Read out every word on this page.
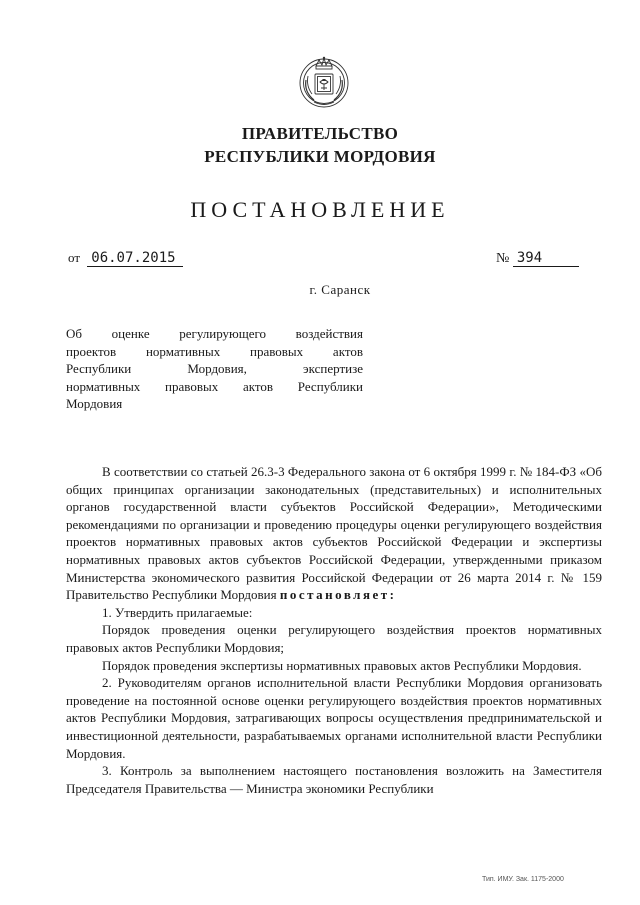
ПРАВИТЕЛЬСТВО
РЕСПУБЛИКИ МОРДОВИЯ
ПОСТАНОВЛЕНИЕ
от 06.07.2015	№ 394
г. Саранск
Об оценке регулирующего воздействия
проектов нормативных правовых актов
Республики Мордовия, экспертизе
нормативных правовых актов Республики
Мордовия

В соответствии со статьей 26.3-3 Федерального закона от 6 октября 1999 г. № 184-ФЗ «Об общих принципах организации законодательных (представительных) и исполнительных органов государственной власти субъектов Российской Федерации», Методическими рекомендациями по организации и проведению процедуры оценки регулирующего воздействия проектов нормативных правовых актов субъектов Российской Федерации и экспертизы нормативных правовых актов субъектов Российской Федерации, утвержденными приказом Министерства экономического развития Российской Федерации от 26 марта 2014 г. № 159 Правительство Республики Мордовия постановляет:

1. Утвердить прилагаемые:

Порядок проведения оценки регулирующего воздействия проектов нормативных правовых актов Республики Мордовия;

Порядок проведения экспертизы нормативных правовых актов Республики Мордовия.

2. Руководителям органов исполнительной власти Республики Мордовия организовать проведение на постоянной основе оценки регулирующего воздействия проектов нормативных актов Республики Мордовия, затрагивающих вопросы осуществления предпринимательской и инвестиционной деятельности, разрабатываемых органами исполнительной власти Республики Мордовия.

3. Контроль за выполнением настоящего постановления возложить на Заместителя Председателя Правительства — Министра экономики Республики

Тип. ИМУ. Зак. 1175-2000
